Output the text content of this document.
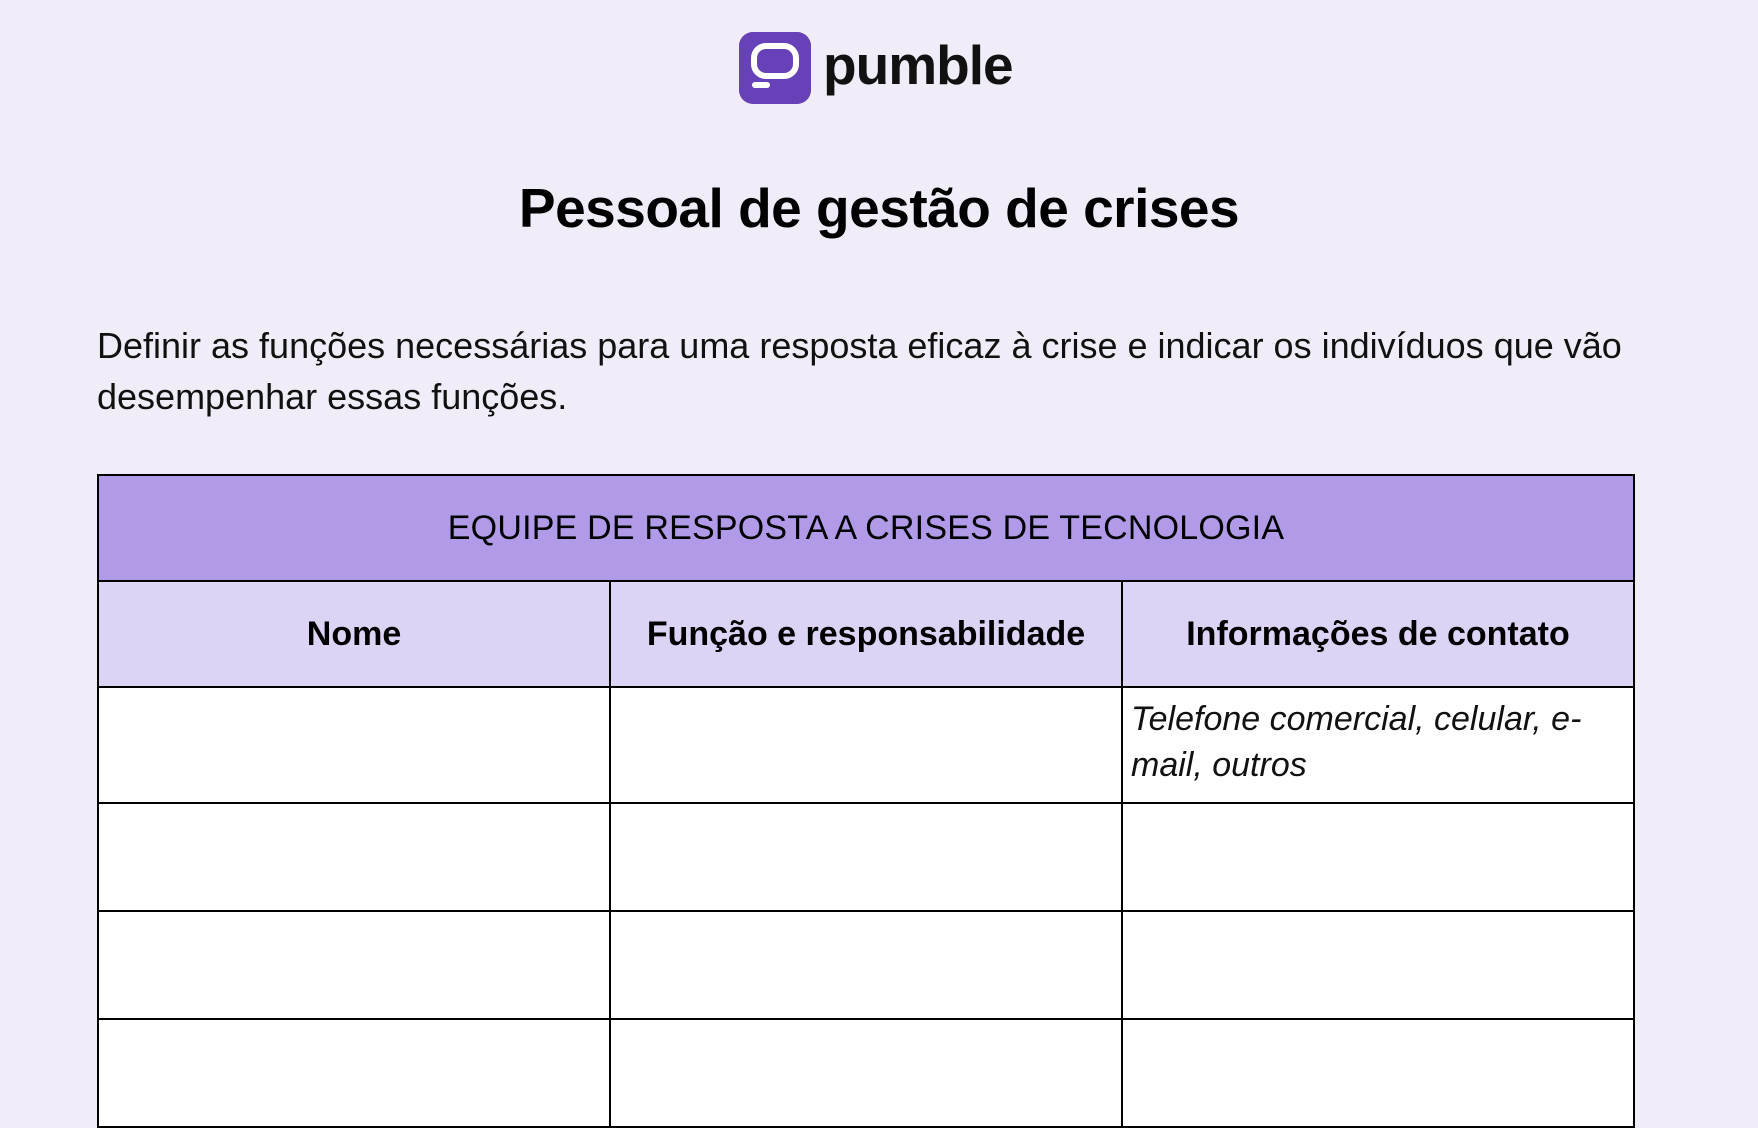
pumble
Pessoal de gestão de crises

Definir as funções necessárias para uma resposta eficaz à crise e indicar os indivíduos que vão desempenhar essas funções.

EQUIPE DE RESPOSTA A CRISES DE TECNOLOGIA		
Nome	Função e responsabilidade	Informações de contato
		Telefone comercial, celular, e-mail, outros
